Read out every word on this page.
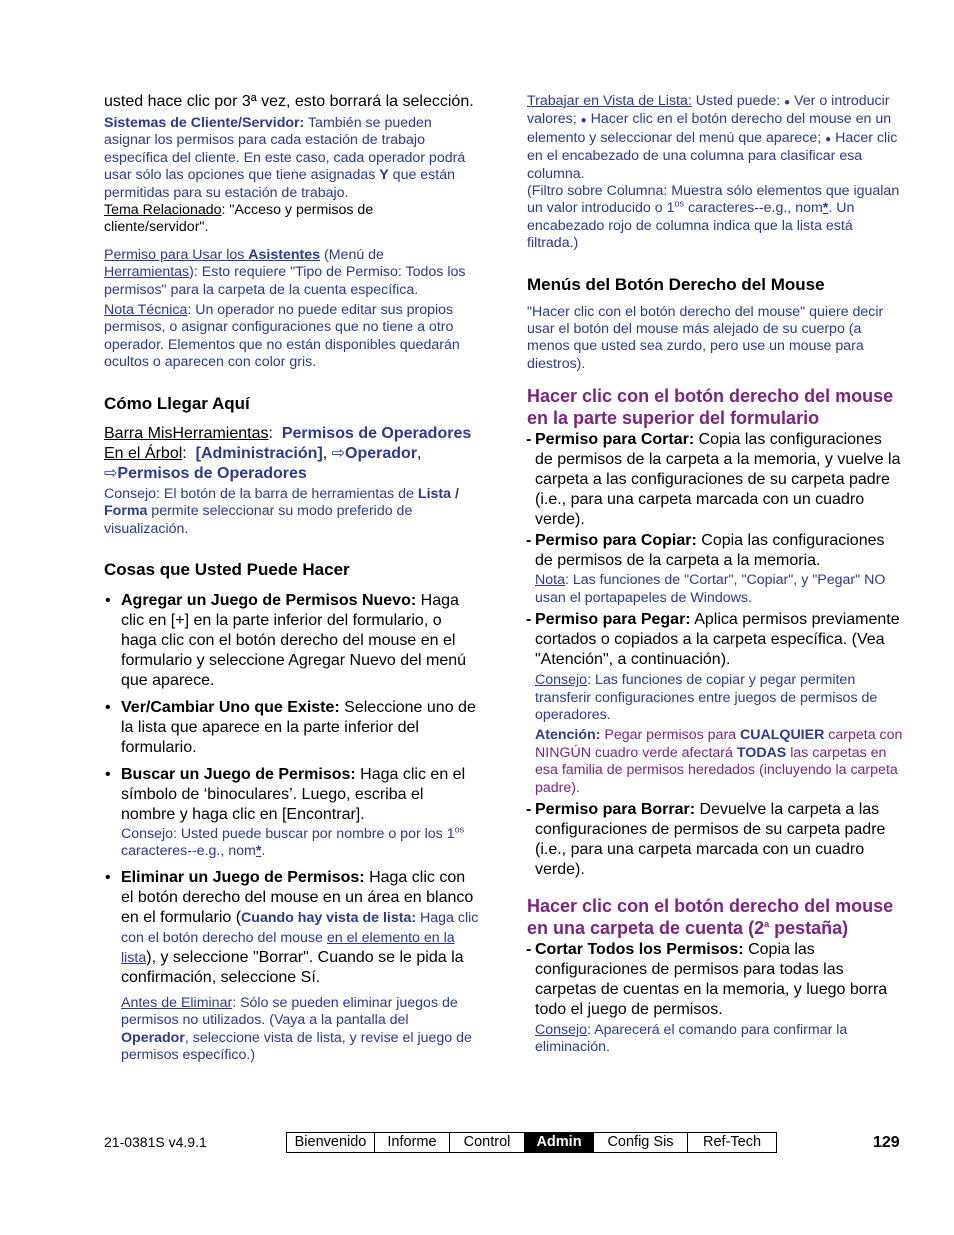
usted hace clic por 3ª vez, esto borrará la selección.

Sistemas de Cliente/Servidor: También se pueden asignar los permisos para cada estación de trabajo específica del cliente. En este caso, cada operador podrá usar sólo las opciones que tiene asignadas Y que están permitidas para su estación de trabajo.

Tema Relacionado: "Acceso y permisos de cliente/servidor".

Permiso para Usar los Asistentes (Menú de Herramientas): Esto requiere "Tipo de Permiso: Todos los permisos" para la carpeta de la cuenta específica.

Nota Técnica: Un operador no puede editar sus propios permisos, o asignar configuraciones que no tiene a otro operador. Elementos que no están disponibles quedarán ocultos o aparecen con color gris.

Cómo Llegar Aquí

Barra MisHerramientas:  Permisos de Operadores

En el Árbol:  [Administración], ⇨Operador, ⇨Permisos de Operadores

Consejo: El botón de la barra de herramientas de Lista / Forma permite seleccionar su modo preferido de visualización.

Cosas que Usted Puede Hacer

• Agregar un Juego de Permisos Nuevo: Haga clic en [+] en la parte inferior del formulario, o haga clic con el botón derecho del mouse en el formulario y seleccione Agregar Nuevo del menú que aparece.
• Ver/Cambiar Uno que Existe: Seleccione uno de la lista que aparece en la parte inferior del formulario.
• Buscar un Juego de Permisos: Haga clic en el símbolo de ‘binoculares’. Luego, escriba el nombre y haga clic en [Encontrar].
Consejo: Usted puede buscar por nombre o por los $1^{os}$ caracteres--e.g., nom*.
• Eliminar un Juego de Permisos: Haga clic con el botón derecho del mouse en un área en blanco en el formulario (Cuando hay vista de lista: Haga clic con el botón derecho del mouse en el elemento en la lista), y seleccione "Borrar". Cuando se le pida la confirmación, seleccione Sí.
Antes de Eliminar: Sólo se pueden eliminar juegos de permisos no utilizados. (Vaya a la pantalla del Operador, seleccione vista de lista, y revise el juego de permisos específico.)

Trabajar en Vista de Lista: Usted puede: ● Ver o introducir valores; ● Hacer clic en el botón derecho del mouse en un elemento y seleccionar del menú que aparece; ● Hacer clic en el encabezado de una columna para clasificar esa columna.

(Filtro sobre Columna: Muestra sólo elementos que igualan un valor introducido o $1^{os}$ caracteres--e.g., nom*. Un encabezado rojo de columna indica que la lista está filtrada.)

Menús del Botón Derecho del Mouse

"Hacer clic con el botón derecho del mouse" quiere decir usar el botón del mouse más alejado de su cuerpo (a menos que usted sea zurdo, pero use un mouse para diestros).

Hacer clic con el botón derecho del mouse en la parte superior del formulario

- Permiso para Cortar: Copia las configuraciones de permisos de la carpeta a la memoria, y vuelve la carpeta a las configuraciones de su carpeta padre (i.e., para una carpeta marcada con un cuadro verde).
- Permiso para Copiar: Copia las configuraciones de permisos de la carpeta a la memoria.
Nota: Las funciones de "Cortar", "Copiar", y "Pegar" NO usan el portapapeles de Windows.
- Permiso para Pegar: Aplica permisos previamente cortados o copiados a la carpeta específica. (Vea "Atención", a continuación).
Consejo: Las funciones de copiar y pegar permiten transferir configuraciones entre juegos de permisos de operadores.
Atención: Pegar permisos para CUALQUIER carpeta con NINGÚN cuadro verde afectará TODAS las carpetas en esa familia de permisos heredados (incluyendo la carpeta padre).
- Permiso para Borrar: Devuelve la carpeta a las configuraciones de permisos de su carpeta padre (i.e., para una carpeta marcada con un cuadro verde).

Hacer clic con el botón derecho del mouse en una carpeta de cuenta (2$^a$ pestaña)

- Cortar Todos los Permisos: Copia las configuraciones de permisos para todas las carpetas de cuentas en la memoria, y luego borra todo el juego de permisos.
Consejo: Aparecerá el comando para confirmar la eliminación.
21-0381S v4.9.1	Bienvenido	Informe	Control	Admin	Config Sis	Ref-Tech	129
